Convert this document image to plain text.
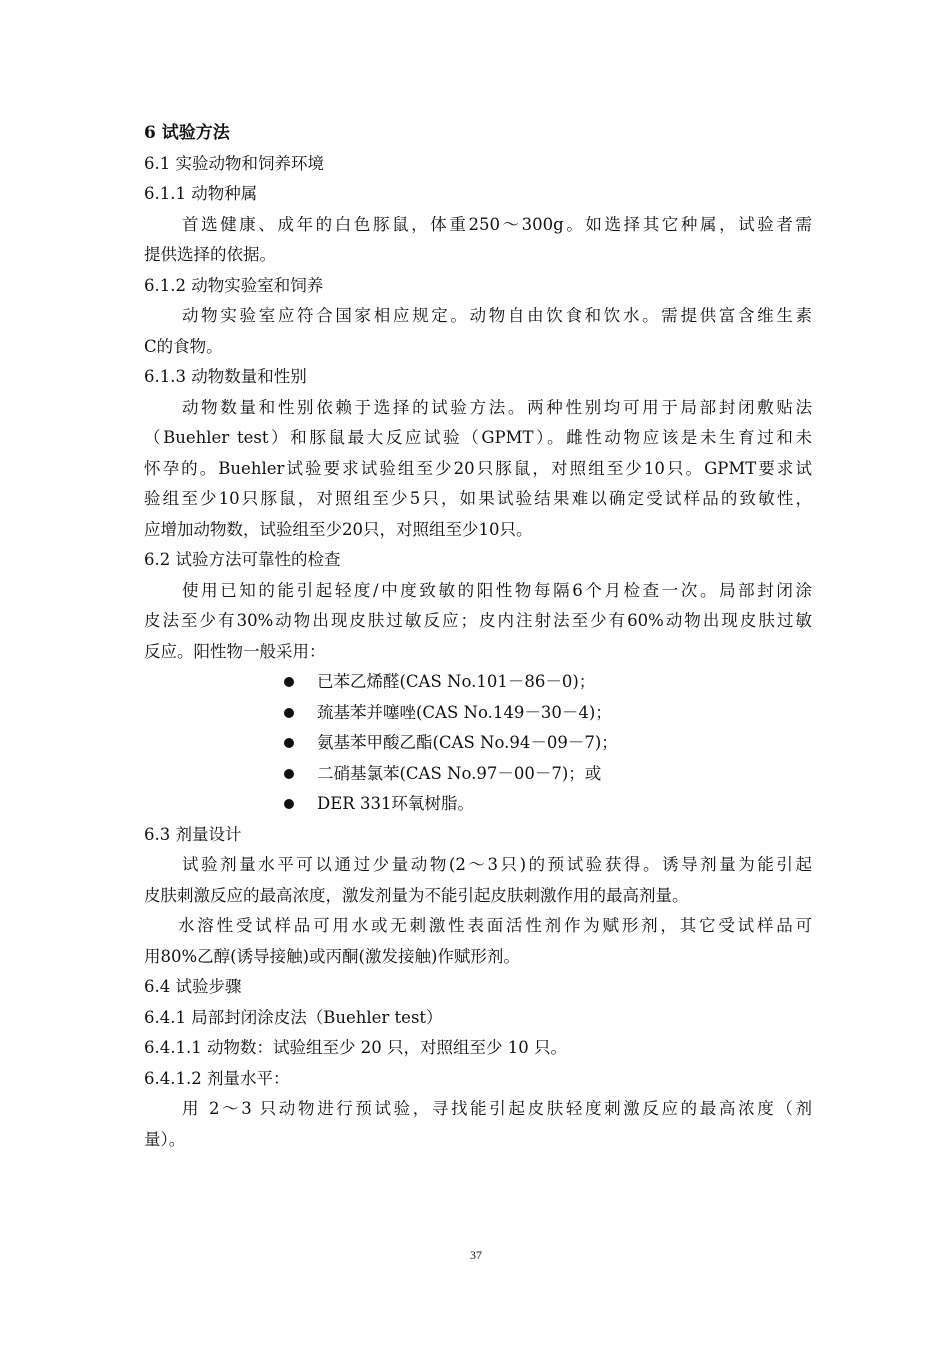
6 试验方法
6.1 实验动物和饲养环境
6.1.1 动物种属
首选健康、成年的白色豚鼠，体重250～300g。如选择其它种属，试验者需
提供选择的依据。
6.1.2 动物实验室和饲养
动物实验室应符合国家相应规定。动物自由饮食和饮水。需提供富含维生素
C的食物。
6.1.3 动物数量和性别
动物数量和性别依赖于选择的试验方法。两种性别均可用于局部封闭敷贴法
（Buehler test）和豚鼠最大反应试验（GPMT）。雌性动物应该是未生育过和未
怀孕的。Buehler试验要求试验组至少20只豚鼠，对照组至少10只。GPMT要求试
验组至少10只豚鼠，对照组至少5只，如果试验结果难以确定受试样品的致敏性，
应增加动物数，试验组至少20只，对照组至少10只。
6.2 试验方法可靠性的检查
使用已知的能引起轻度/中度致敏的阳性物每隔6个月检查一次。局部封闭涂
皮法至少有30%动物出现皮肤过敏反应；皮内注射法至少有60%动物出现皮肤过敏
反应。阳性物一般采用：
已苯乙烯醛(CAS No.101－86－0)；
巯基苯并噻唑(CAS No.149－30－4)；
氨基苯甲酸乙酯(CAS No.94－09－7)；
二硝基氯苯(CAS No.97－00－7)；或
DER 331环氧树脂。
6.3 剂量设计
试验剂量水平可以通过少量动物(2～3只)的预试验获得。诱导剂量为能引起
皮肤刺激反应的最高浓度，激发剂量为不能引起皮肤刺激作用的最高剂量。
水溶性受试样品可用水或无刺激性表面活性剂作为赋形剂，其它受试样品可
用80%乙醇(诱导接触)或丙酮(激发接触)作赋形剂。
6.4 试验步骤
6.4.1 局部封闭涂皮法（Buehler test）
6.4.1.1 动物数：试验组至少 20 只，对照组至少 10 只。
6.4.1.2 剂量水平：
用 2～3 只动物进行预试验，寻找能引起皮肤轻度刺激反应的最高浓度（剂
量）。
37
